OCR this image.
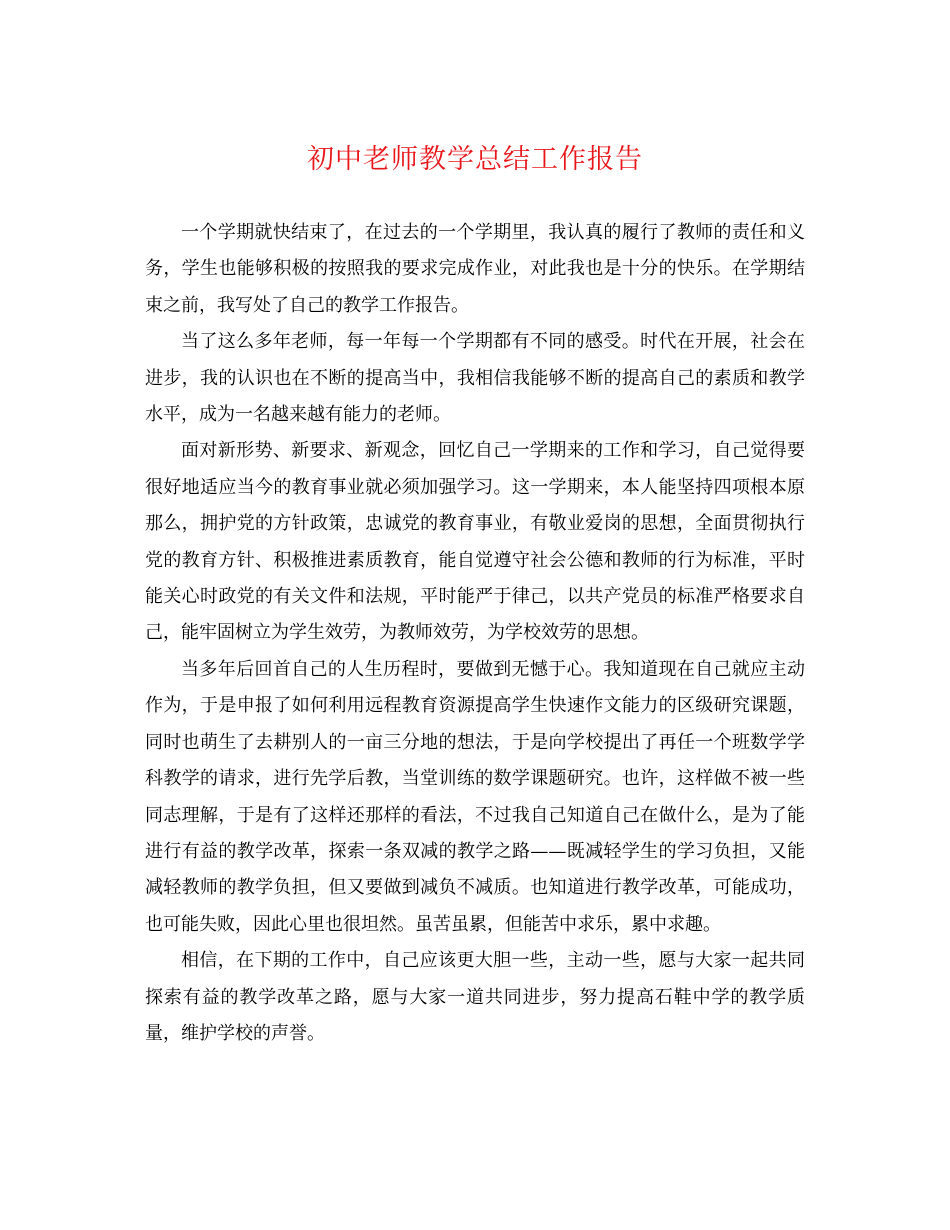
初中老师教学总结工作报告

一个学期就快结束了，在过去的一个学期里，我认真的履行了教师的责任和义务，学生也能够积极的按照我的要求完成作业，对此我也是十分的快乐。在学期结束之前，我写处了自己的教学工作报告。

当了这么多年老师，每一年每一个学期都有不同的感受。时代在开展，社会在进步，我的认识也在不断的提高当中，我相信我能够不断的提高自己的素质和教学水平，成为一名越来越有能力的老师。

面对新形势、新要求、新观念，回忆自己一学期来的工作和学习，自己觉得要很好地适应当今的教育事业就必须加强学习。这一学期来，本人能坚持四项根本原那么，拥护党的方针政策，忠诚党的教育事业，有敬业爱岗的思想，全面贯彻执行党的教育方针、积极推进素质教育，能自觉遵守社会公德和教师的行为标准，平时能关心时政党的有关文件和法规，平时能严于律己，以共产党员的标准严格要求自己，能牢固树立为学生效劳，为教师效劳，为学校效劳的思想。

当多年后回首自己的人生历程时，要做到无憾于心。我知道现在自己就应主动作为，于是申报了如何利用远程教育资源提高学生快速作文能力的区级研究课题，同时也萌生了去耕别人的一亩三分地的想法，于是向学校提出了再任一个班数学学科教学的请求，进行先学后教，当堂训练的数学课题研究。也许，这样做不被一些同志理解，于是有了这样还那样的看法，不过我自己知道自己在做什么，是为了能进行有益的教学改革，探索一条双减的教学之路——既减轻学生的学习负担，又能减轻教师的教学负担，但又要做到减负不减质。也知道进行教学改革，可能成功，也可能失败，因此心里也很坦然。虽苦虽累，但能苦中求乐，累中求趣。

相信，在下期的工作中，自己应该更大胆一些，主动一些，愿与大家一起共同探索有益的教学改革之路，愿与大家一道共同进步，努力提高石鞋中学的教学质量，维护学校的声誉。
